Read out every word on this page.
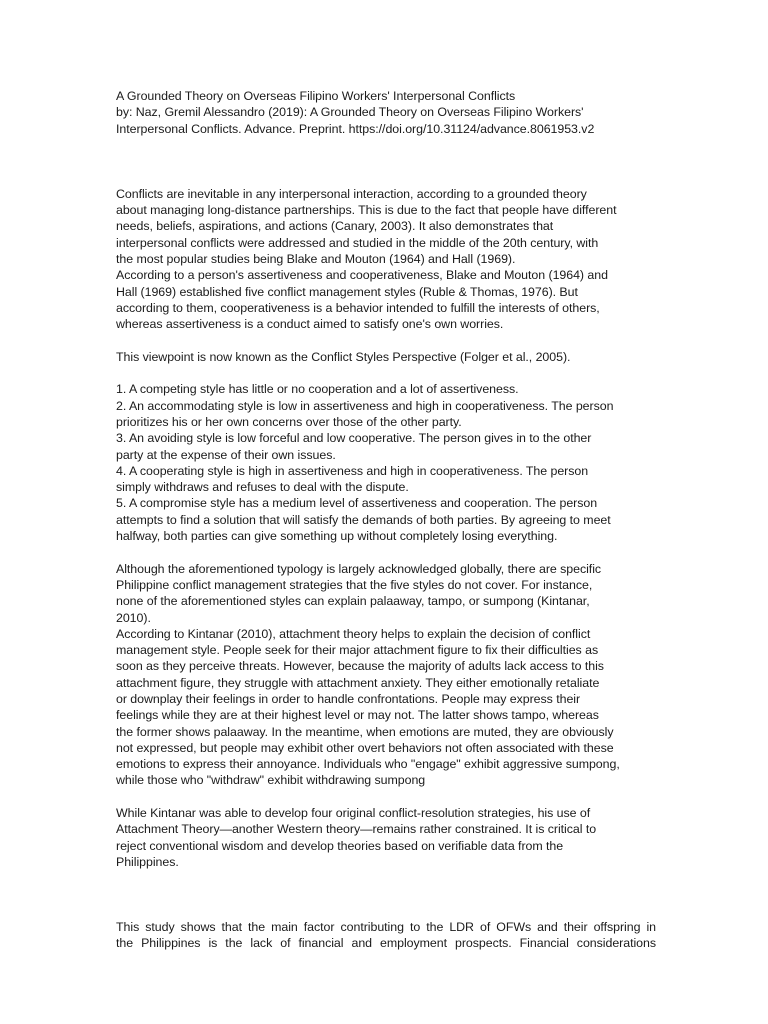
A Grounded Theory on Overseas Filipino Workers' Interpersonal Conflicts
by: Naz, Gremil Alessandro (2019): A Grounded Theory on Overseas Filipino Workers'
Interpersonal Conflicts. Advance. Preprint. https://doi.org/10.31124/advance.8061953.v2
Conflicts are inevitable in any interpersonal interaction, according to a grounded theory
about managing long-distance partnerships. This is due to the fact that people have different
needs, beliefs, aspirations, and actions (Canary, 2003). It also demonstrates that
interpersonal conflicts were addressed and studied in the middle of the 20th century, with
the most popular studies being Blake and Mouton (1964) and Hall (1969).
According to a person's assertiveness and cooperativeness, Blake and Mouton (1964) and
Hall (1969) established five conflict management styles (Ruble & Thomas, 1976). But
according to them, cooperativeness is a behavior intended to fulfill the interests of others,
whereas assertiveness is a conduct aimed to satisfy one's own worries.
This viewpoint is now known as the Conflict Styles Perspective (Folger et al., 2005).
1. A competing style has little or no cooperation and a lot of assertiveness.
2. An accommodating style is low in assertiveness and high in cooperativeness. The person
prioritizes his or her own concerns over those of the other party.
3. An avoiding style is low forceful and low cooperative. The person gives in to the other
party at the expense of their own issues.
4. A cooperating style is high in assertiveness and high in cooperativeness. The person
simply withdraws and refuses to deal with the dispute.
5. A compromise style has a medium level of assertiveness and cooperation. The person
attempts to find a solution that will satisfy the demands of both parties. By agreeing to meet
halfway, both parties can give something up without completely losing everything.
Although the aforementioned typology is largely acknowledged globally, there are specific
Philippine conflict management strategies that the five styles do not cover. For instance,
none of the aforementioned styles can explain palaaway, tampo, or sumpong (Kintanar,
2010).
According to Kintanar (2010), attachment theory helps to explain the decision of conflict
management style. People seek for their major attachment figure to fix their difficulties as
soon as they perceive threats. However, because the majority of adults lack access to this
attachment figure, they struggle with attachment anxiety. They either emotionally retaliate
or downplay their feelings in order to handle confrontations. People may express their
feelings while they are at their highest level or may not. The latter shows tampo, whereas
the former shows palaaway. In the meantime, when emotions are muted, they are obviously
not expressed, but people may exhibit other overt behaviors not often associated with these
emotions to express their annoyance. Individuals who "engage" exhibit aggressive sumpong,
while those who "withdraw" exhibit withdrawing sumpong
While Kintanar was able to develop four original conflict-resolution strategies, his use of
Attachment Theory—another Western theory—remains rather constrained. It is critical to
reject conventional wisdom and develop theories based on verifiable data from the
Philippines.
This study shows that the main factor contributing to the LDR of OFWs and their offspring in
the Philippines is the lack of financial and employment prospects. Financial considerations
